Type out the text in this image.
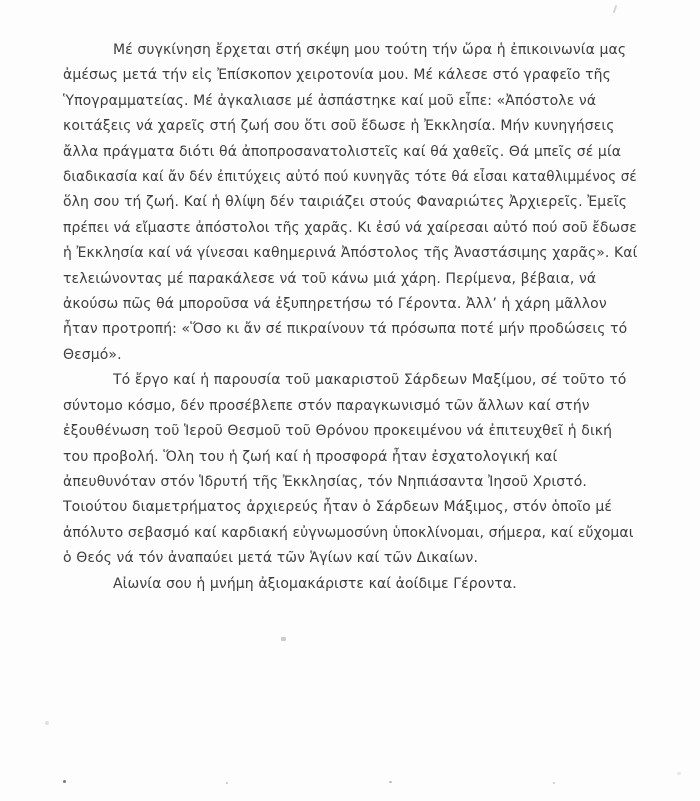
Μέ συγκίνηση ἔρχεται στή σκέψη μου τούτη τήν ὥρα ἡ ἐπικοινωνία μας
ἀμέσως μετά τήν εἰς Ἐπίσκοπον χειροτονία μου. Μέ κάλεσε στό γραφεῖο τῆς
Ὑπογραμματείας. Μέ ἀγκαλιασε μέ ἀσπάστηκε καί μοῦ εἶπε: «Ἀπόστολε νά
κοιτάξεις νά χαρεῖς στή ζωή σου ὅτι σοῦ ἔδωσε ἡ Ἐκκλησία. Μήν κυνηγήσεις
ἄλλα πράγματα διότι θά ἀποπροσανατολιστεῖς καί θά χαθεῖς. Θά μπεῖς σέ μία
διαδικασία καί ἄν δέν ἐπιτύχεις αὐτό πού κυνηγᾶς τότε θά εἶσαι καταθλιμμένος σέ
ὅλη σου τή ζωή. Καί ἡ θλίψη δέν ταιριάζει στούς Φαναριώτες Ἀρχιερεῖς. Ἐμεῖς
πρέπει νά εἴμαστε ἀπόστολοι τῆς χαρᾶς. Κι ἐσύ νά χαίρεσαι αὐτό πού σοῦ ἔδωσε
ἡ Ἐκκλησία καί νά γίνεσαι καθημερινά Ἀπόστολος τῆς Ἀναστάσιμης χαρᾶς». Καί
τελειώνοντας μέ παρακάλεσε νά τοῦ κάνω μιά χάρη. Περίμενα, βέβαια, νά
ἀκούσω πῶς θά μποροῦσα νά ἐξυπηρετήσω τό Γέροντα. Ἀλλ’ ἡ χάρη μᾶλλον
ἦταν προτροπή: «Ὅσο κι ἄν σέ πικραίνουν τά πρόσωπα ποτέ μήν προδώσεις τό
Θεσμό».
Τό ἔργο καί ἡ παρουσία τοῦ μακαριστοῦ Σάρδεων Μαξίμου, σέ τοῦτο τό
σύντομο κόσμο, δέν προσέβλεπε στόν παραγκωνισμό τῶν ἄλλων καί στήν
ἐξουθένωση τοῦ Ἱεροῦ Θεσμοῦ τοῦ Θρόνου προκειμένου νά ἐπιτευχθεῖ ἡ δική
του προβολή. Ὅλη του ἡ ζωή καί ἡ προσφορά ἦταν ἐσχατολογική καί
ἀπευθυνόταν στόν Ἱδρυτή τῆς Ἐκκλησίας, τόν Νηπιάσαντα Ἰησοῦ Χριστό.
Τοιούτου διαμετρήματος ἀρχιερεύς ἦταν ὁ Σάρδεων Μάξιμος, στόν ὁποῖο μέ
ἀπόλυτο σεβασμό καί καρδιακή εὐγνωμοσύνη ὑποκλίνομαι, σήμερα, καί εὔχομαι
ὁ Θεός νά τόν ἀναπαύει μετά τῶν Ἁγίων καί τῶν Δικαίων.
Αἰωνία σου ἡ μνήμη ἀξιομακάριστε καί ἀοίδιμε Γέροντα.
